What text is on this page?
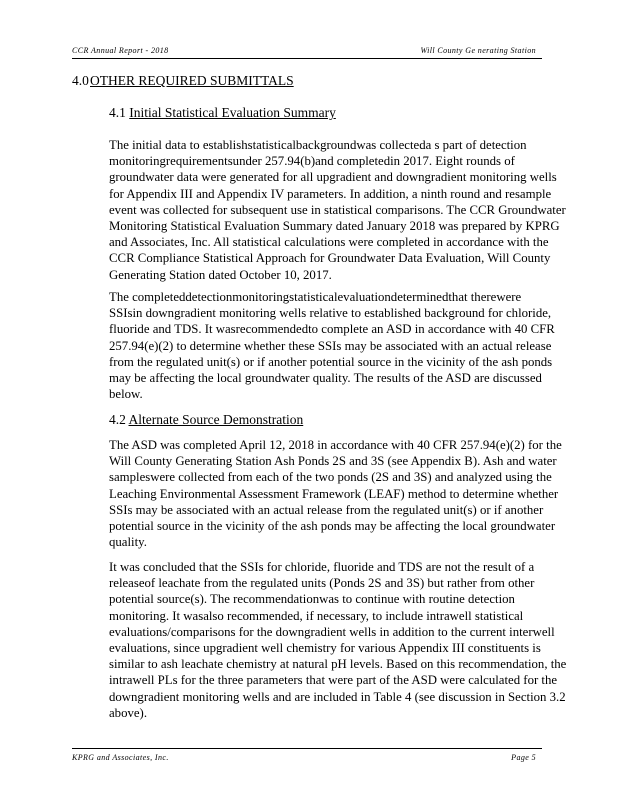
CCR Annual Report - 2018	Will County Ge nerating Station
4.0OTHER REQUIRED SUBMITTALS
4.1 Initial Statistical Evaluation Summary

The initial data to establishstatisticalbackgroundwas collecteda s part of detection
monitoringrequirementsunder 257.94(b)and completedin 2017. Eight rounds of
groundwater data were generated for all upgradient and downgradient monitoring wells
for Appendix III and Appendix IV parameters. In addition, a ninth round and resample
event was collected for subsequent use in statistical comparisons. The CCR Groundwater
Monitoring Statistical Evaluation Summary dated January 2018 was prepared by KPRG
and Associates, Inc. All statistical calculations were completed in accordance with the
CCR Compliance Statistical Approach for Groundwater Data Evaluation, Will County
Generating Station dated October 10, 2017.

The completeddetectionmonitoringstatisticalevaluationdeterminedthat therewere
SSIsin downgradient monitoring wells relative to established background for chloride,
fluoride and TDS. It wasrecommendedto complete an ASD in accordance with 40 CFR
257.94(e)(2) to determine whether these SSIs may be associated with an actual release
from the regulated unit(s) or if another potential source in the vicinity of the ash ponds
may be affecting the local groundwater quality. The results of the ASD are discussed
below.

4.2 Alternate Source Demonstration

The ASD was completed April 12, 2018 in accordance with 40 CFR 257.94(e)(2) for the
Will County Generating Station Ash Ponds 2S and 3S (see Appendix B). Ash and water
sampleswere collected from each of the two ponds (2S and 3S) and analyzed using the
Leaching Environmental Assessment Framework (LEAF) method to determine whether
SSIs may be associated with an actual release from the regulated unit(s) or if another
potential source in the vicinity of the ash ponds may be affecting the local groundwater
quality.

It was concluded that the SSIs for chloride, fluoride and TDS are not the result of a
releaseof leachate from the regulated units (Ponds 2S and 3S) but rather from other
potential source(s). The recommendationwas to continue with routine detection
monitoring. It wasalso recommended, if necessary, to include intrawell statistical
evaluations/comparisons for the downgradient wells in addition to the current interwell
evaluations, since upgradient well chemistry for various Appendix III constituents is
similar to ash leachate chemistry at natural pH levels. Based on this recommendation, the
intrawell PLs for the three parameters that were part of the ASD were calculated for the
downgradient monitoring wells and are included in Table 4 (see discussion in Section 3.2
above).

KPRG and Associates, Inc.	Page 5
